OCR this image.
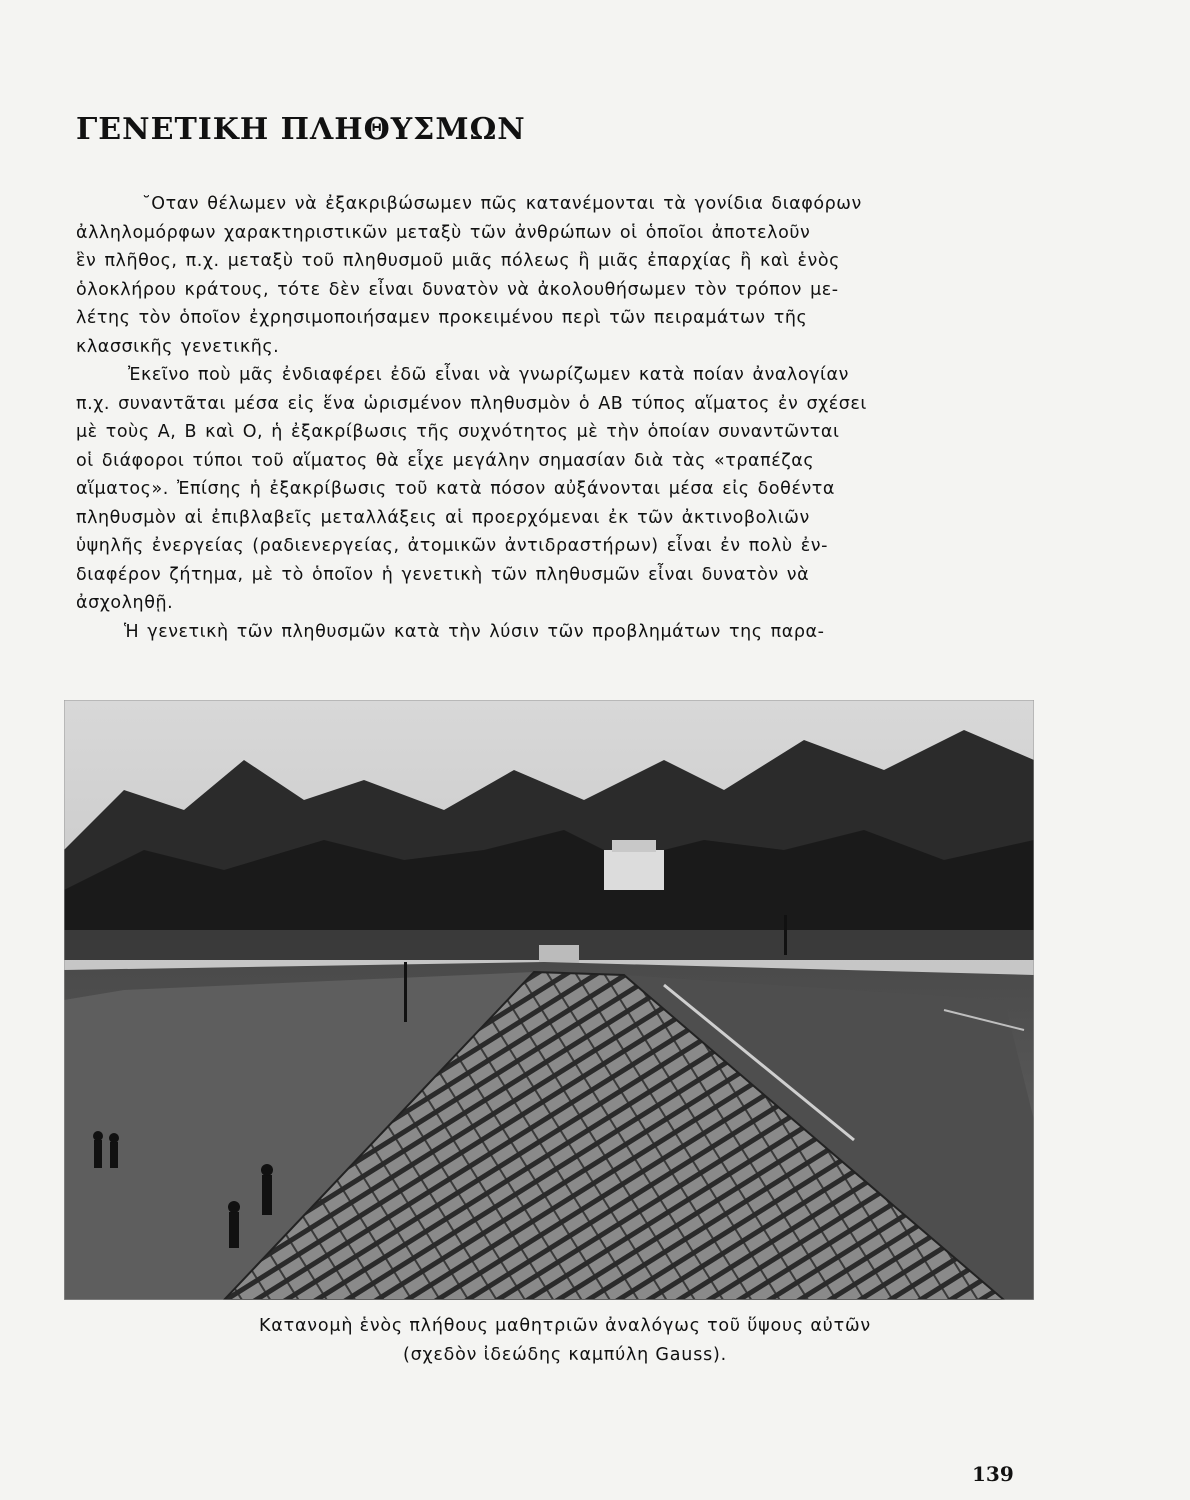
ΓΕΝΕΤΙΚΗ ΠΛΗΘΥΣΜΩΝ
˘Οταν θέλωμεν νὰ ἐξακριβώσωμεν πῶς κατανέμονται τὰ γονίδια διαφόρων
ἀλληλομόρφων χαρακτηριστικῶν μεταξὺ τῶν ἀνθρώπων οἱ ὁποῖοι ἀποτελοῦν
ἓν πλῆθος, π.χ. μεταξὺ τοῦ πληθυσμοῦ μιᾶς πόλεως ἢ μιᾶς ἐπαρχίας ἢ καὶ ἑνὸς
ὁλοκλήρου κράτους, τότε δὲν εἶναι δυνατὸν νὰ ἀκολουθήσωμεν τὸν τρόπον με-
λέτης τὸν ὁποῖον ἐχρησιμοποιήσαμεν προκειμένου περὶ τῶν πειραμάτων τῆς
κλασσικῆς γενετικῆς.
Ἐκεῖνο ποὺ μᾶς ἐνδιαφέρει ἐδῶ εἶναι νὰ γνωρίζωμεν κατὰ ποίαν ἀναλογίαν
π.χ. συναντᾶται μέσα εἰς ἕνα ὡρισμένον πληθυσμὸν ὁ ΑΒ τύπος αἵματος ἐν σχέσει
μὲ τοὺς Α, Β καὶ Ο, ἡ ἐξακρίβωσις τῆς συχνότητος μὲ τὴν ὁποίαν συναντῶνται
οἱ διάφοροι τύποι τοῦ αἵματος θὰ εἶχε μεγάλην σημασίαν διὰ τὰς «τραπέζας
αἵματος». Ἐπίσης ἡ ἐξακρίβωσις τοῦ κατὰ πόσον αὐξάνονται μέσα εἰς δοθέντα
πληθυσμὸν αἱ ἐπιβλαβεῖς μεταλλάξεις αἱ προερχόμεναι ἐκ τῶν ἀκτινοβολιῶν
ὑψηλῆς ἐνεργείας (ραδιενεργείας, ἀτομικῶν ἀντιδραστήρων) εἶναι ἐν πολὺ ἐν-
διαφέρον ζήτημα, μὲ τὸ ὁποῖον ἡ γενετικὴ τῶν πληθυσμῶν εἶναι δυνατὸν νὰ
ἀσχοληθῇ.
Ἡ γενετικὴ τῶν πληθυσμῶν κατὰ τὴν λύσιν τῶν προβλημάτων της παρα-
Κατανομὴ ἑνὸς πλήθους μαθητριῶν ἀναλόγως τοῦ ὕψους αὐτῶν
(σχεδὸν ἰδεώδης καμπύλη Gauss).
139
